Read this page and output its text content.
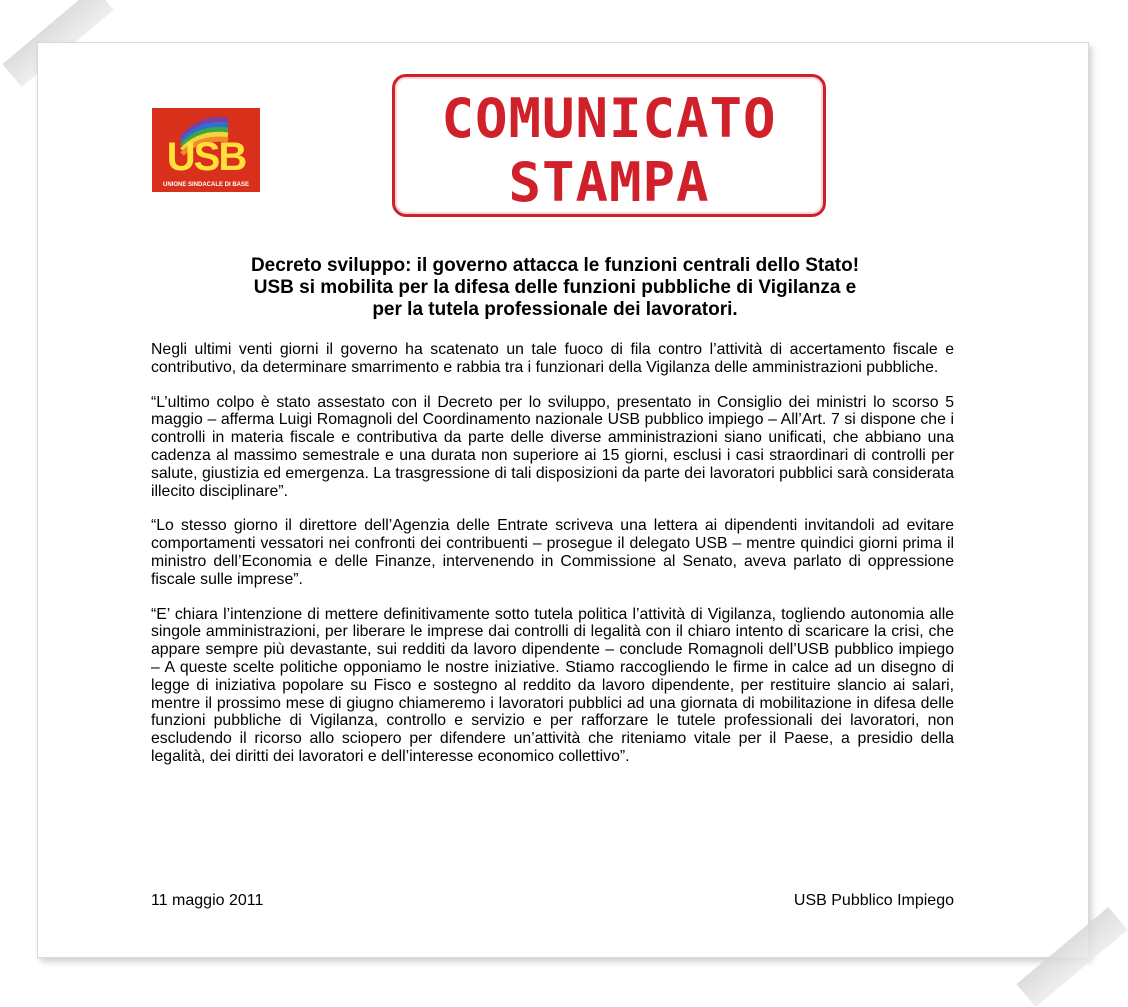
USB
UNIONE SINDACALE DI BASE
COMUNICATO
STAMPA
Decreto sviluppo: il governo attacca le funzioni centrali dello Stato!
USB si mobilita per la difesa delle funzioni pubbliche di Vigilanza e
per la tutela professionale dei lavoratori.

Negli ultimi venti giorni il governo ha scatenato un tale fuoco di fila contro l’attività di accertamento fiscale e contributivo, da determinare smarrimento e rabbia tra i funzionari della Vigilanza delle amministrazioni pubbliche.

“L’ultimo colpo è stato assestato con il Decreto per lo sviluppo, presentato in Consiglio dei ministri lo scorso 5 maggio – afferma Luigi Romagnoli del Coordinamento nazionale USB pubblico impiego – All’Art. 7 si dispone che i controlli in materia fiscale e contributiva da parte delle diverse amministrazioni siano unificati, che abbiano una cadenza al massimo semestrale e una durata non superiore ai 15 giorni, esclusi i casi straordinari di controlli per salute, giustizia ed emergenza. La trasgressione di tali disposizioni da parte dei lavoratori pubblici sarà considerata illecito disciplinare”.

“Lo stesso giorno il direttore dell’Agenzia delle Entrate scriveva una lettera ai dipendenti invitandoli ad evitare comportamenti vessatori nei confronti dei contribuenti – prosegue il delegato USB – mentre quindici giorni prima il ministro dell’Economia e delle Finanze, intervenendo in Commissione al Senato, aveva parlato di oppressione fiscale sulle imprese”.

“E’ chiara l’intenzione di mettere definitivamente sotto tutela politica l’attività di Vigilanza, togliendo autonomia alle singole amministrazioni, per liberare le imprese dai controlli di legalità con il chiaro intento di scaricare la crisi, che appare sempre più devastante, sui redditi da lavoro dipendente – conclude Romagnoli dell’USB pubblico impiego – A queste scelte politiche opponiamo le nostre iniziative. Stiamo raccogliendo le firme in calce ad un disegno di legge di iniziativa popolare su Fisco e sostegno al reddito da lavoro dipendente, per restituire slancio ai salari, mentre il prossimo mese di giugno chiameremo i lavoratori pubblici ad una giornata di mobilitazione in difesa delle funzioni pubbliche di Vigilanza, controllo e servizio e per rafforzare le tutele professionali dei lavoratori, non escludendo il ricorso allo sciopero per difendere un’attività che riteniamo vitale per il Paese, a presidio della legalità, dei diritti dei lavoratori e dell’interesse economico collettivo”.

11 maggio 2011	USB Pubblico Impiego
